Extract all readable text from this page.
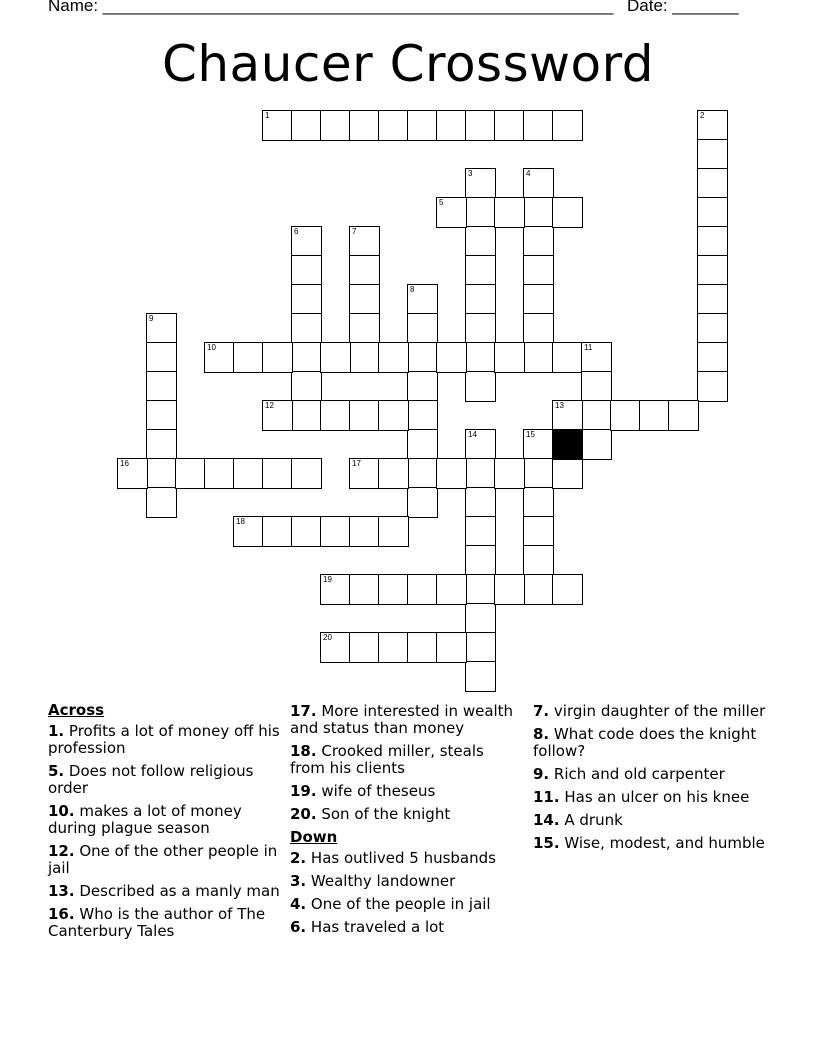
Name: ______________________________________________________ Date: _______
Chaucer Crossword
1	2
3	4
5
6	7
8
9
10	11
12	13
14	15
16	17
18
19
20
Across
1. Profits a lot of money off his profession
5. Does not follow religious order
10. makes a lot of money during plague season
12. One of the other people in jail
13. Described as a manly man
16. Who is the author of The Canterbury Tales
17. More interested in wealth and status than money
18. Crooked miller, steals from his clients
19. wife of theseus
20. Son of the knight
Down
2. Has outlived 5 husbands
3. Wealthy landowner
4. One of the people in jail
6. Has traveled a lot
7. virgin daughter of the miller
8. What code does the knight follow?
9. Rich and old carpenter
11. Has an ulcer on his knee
14. A drunk
15. Wise, modest, and humble
